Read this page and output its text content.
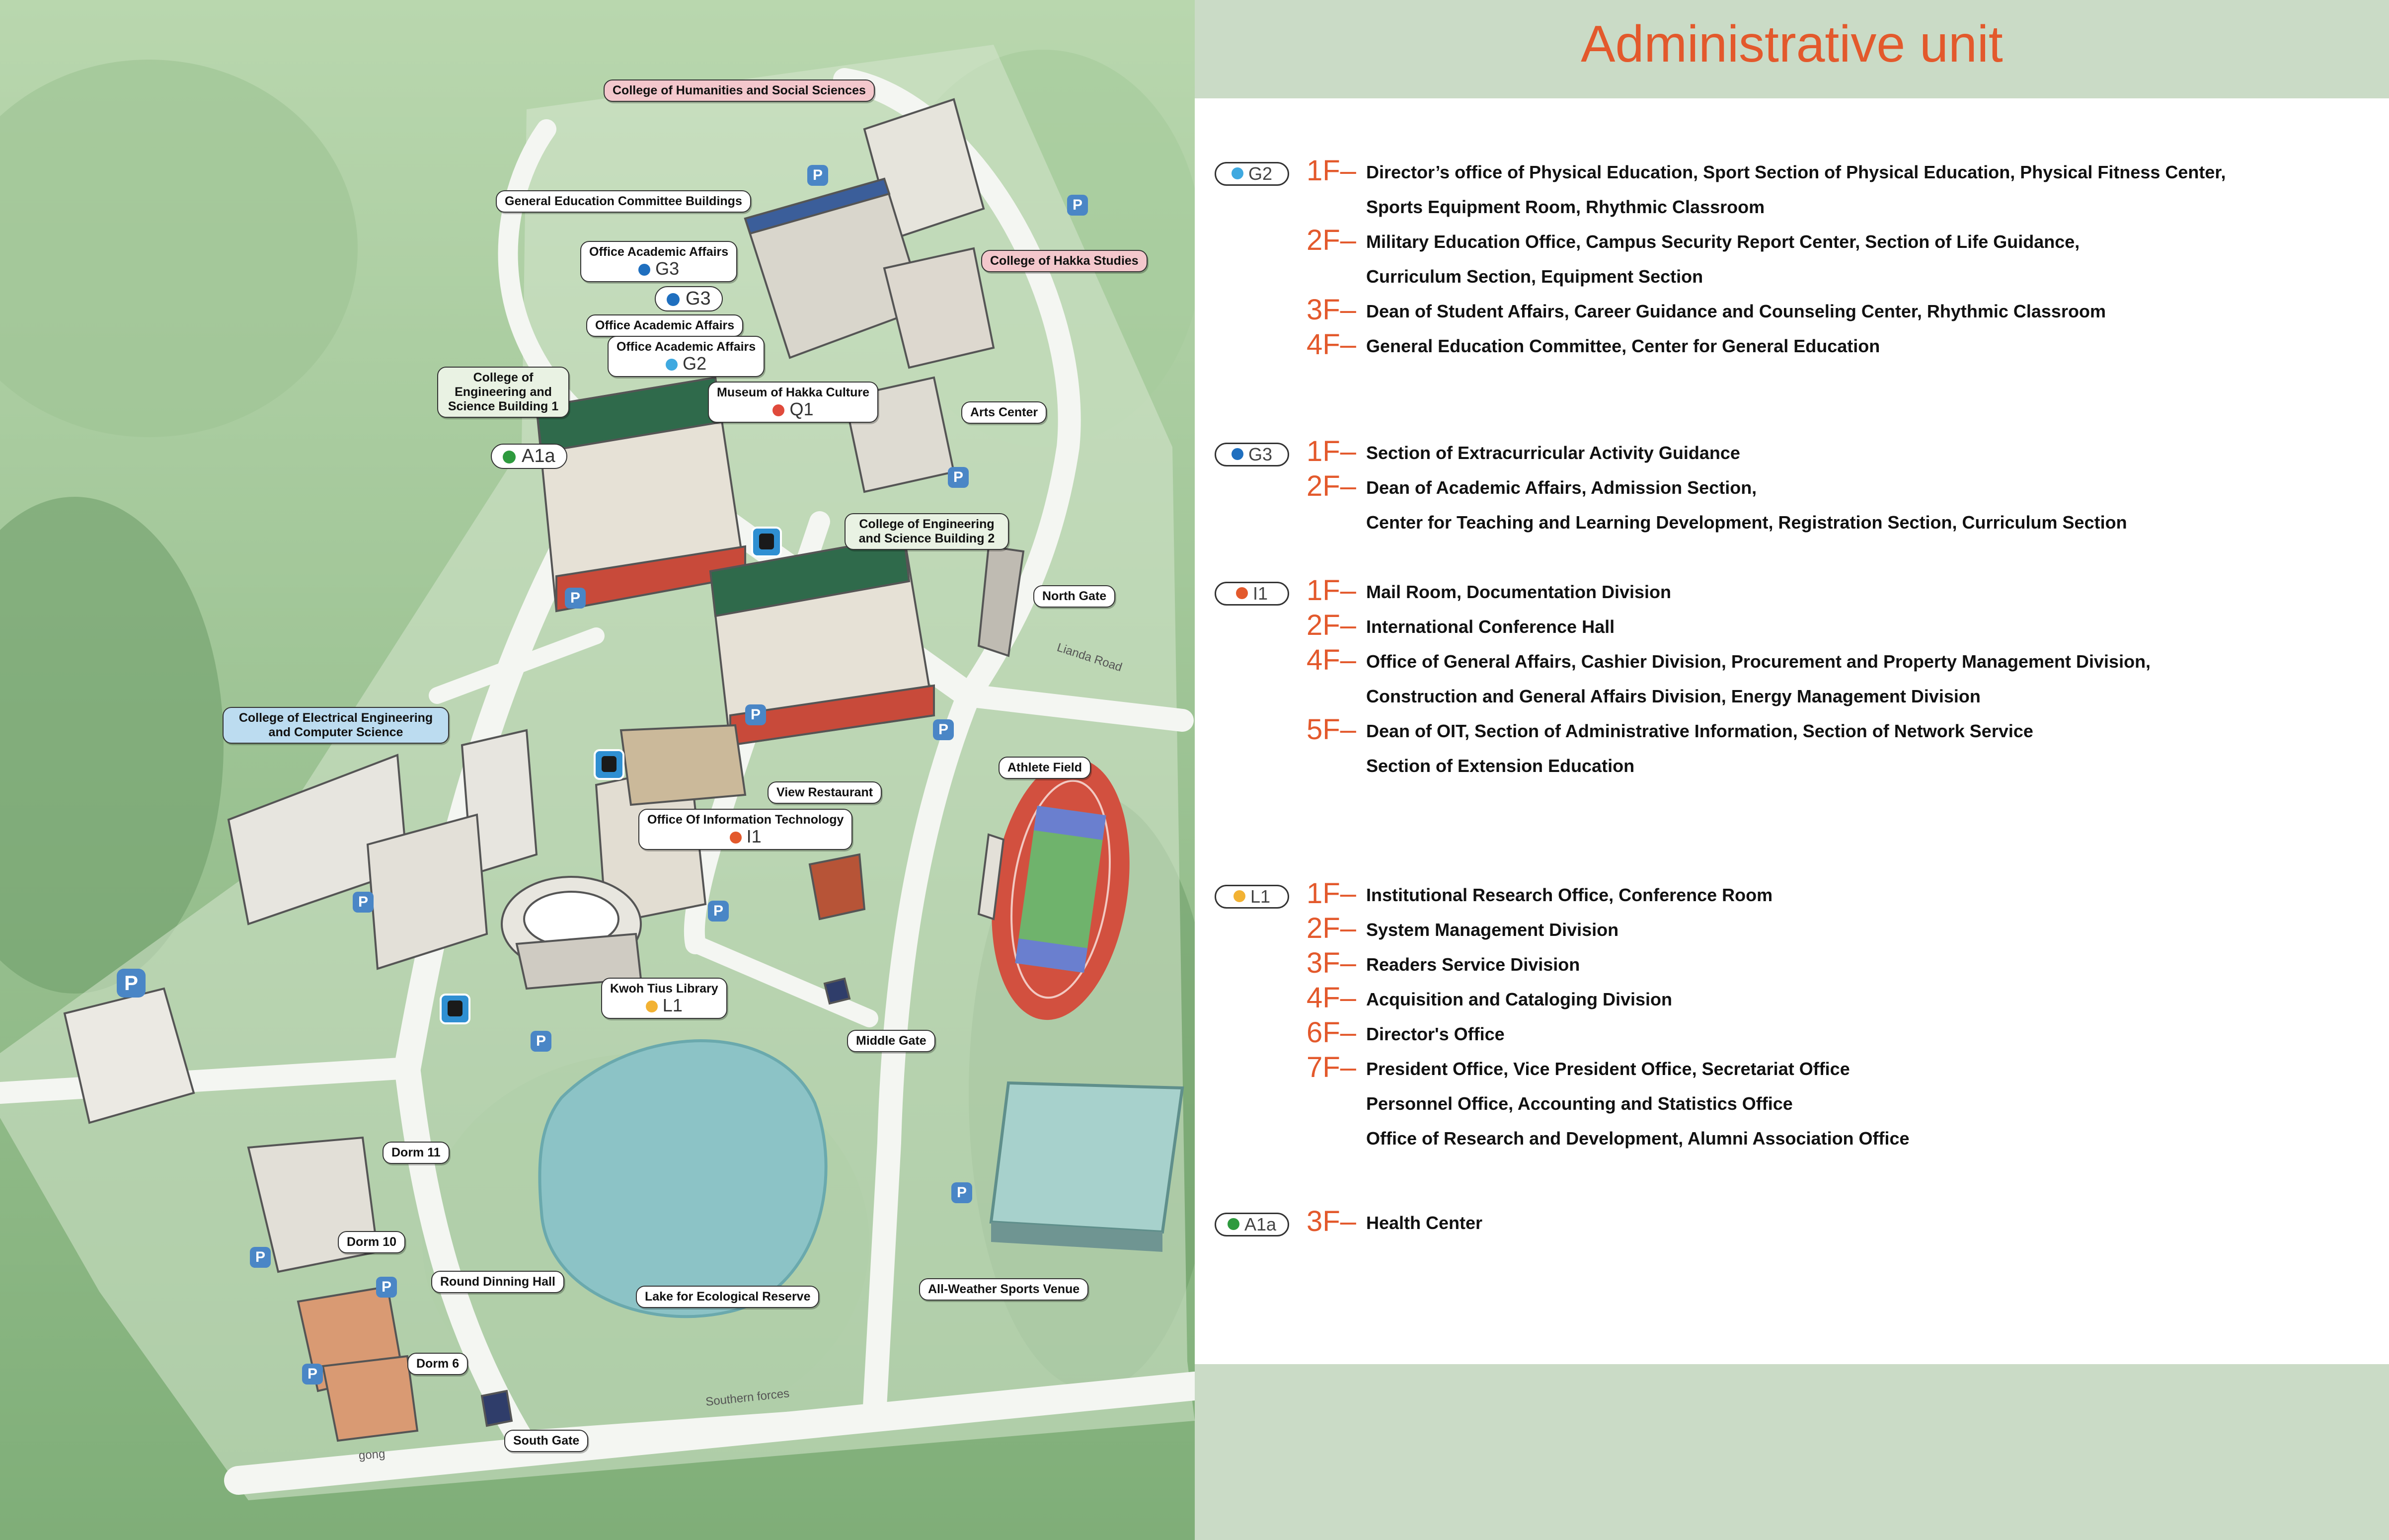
College of Humanities and Social Sciences
General Education Committee Buildings
College of Hakka Studies
Office Academic Affairs
G3
G3
Office Academic Affairs
Office Academic Affairs
G2
College of Engineering and Science Building 1
Museum of Hakka Culture
Q1	Arts Center
A1a
College of Engineering and Science Building 2
North Gate
College of Electrical Engineering and Computer Science
Athlete Field
View Restaurant
Office Of Information Technology
I1
Kwoh Tius Library
L1
Middle Gate
Dorm 11
Dorm 10
Round Dinning Hall
Dorm 6
Lake for Ecological Reserve
All-Weather Sports Venue
South Gate
Lianda Road
Southern forces
gong
P
P
P
P
P
P
P
P
P
P
P
P
P
P
Administrative unit
G2	1F– Director’s office of Physical Education, Sport Section of Physical Education, Physical Fitness Center,
Sports Equipment Room, Rhythmic Classroom
2F– Military Education Office, Campus Security Report Center, Section of Life Guidance,
Curriculum Section, Equipment Section
3F– Dean of Student Affairs, Career Guidance and Counseling Center, Rhythmic Classroom
4F– General Education Committee, Center for General Education
G3	1F– Section of Extracurricular Activity Guidance
2F– Dean of Academic Affairs, Admission Section,
Center for Teaching and Learning Development, Registration Section, Curriculum Section
I1	1F– Mail Room, Documentation Division
2F– International Conference Hall
4F– Office of General Affairs, Cashier Division, Procurement and Property Management Division,
Construction and General Affairs Division, Energy Management Division
5F– Dean of OIT, Section of Administrative Information, Section of Network Service
Section of Extension Education
L1	1F– Institutional Research Office, Conference Room
2F– System Management Division
3F– Readers Service Division
4F– Acquisition and Cataloging Division
6F– Director's Office
7F– President Office, Vice President Office, Secretariat Office
Personnel Office, Accounting and Statistics Office
Office of Research and Development, Alumni Association Office
A1a	3F– Health Center
